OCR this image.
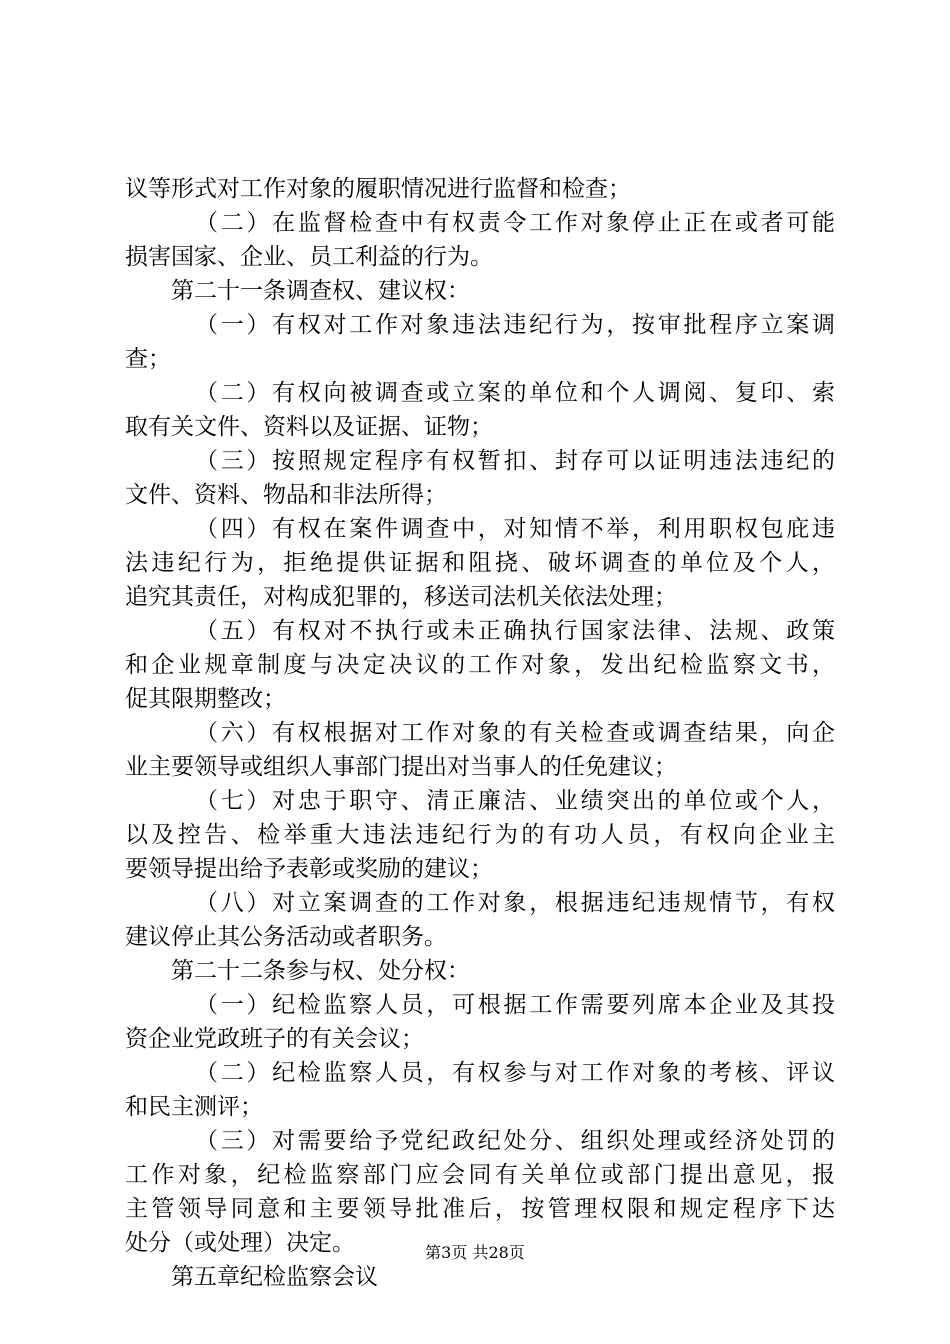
议等形式对工作对象的履职情况进行监督和检查；
（二）在监督检查中有权责令工作对象停止正在或者可能
损害国家、企业、员工利益的行为。
第二十一条调查权、建议权：
（一）有权对工作对象违法违纪行为，按审批程序立案调
查；
（二）有权向被调查或立案的单位和个人调阅、复印、索
取有关文件、资料以及证据、证物；
（三）按照规定程序有权暂扣、封存可以证明违法违纪的
文件、资料、物品和非法所得；
（四）有权在案件调查中，对知情不举，利用职权包庇违
法违纪行为，拒绝提供证据和阻挠、破坏调查的单位及个人，
追究其责任，对构成犯罪的，移送司法机关依法处理；
（五）有权对不执行或未正确执行国家法律、法规、政策
和企业规章制度与决定决议的工作对象，发出纪检监察文书，
促其限期整改；
（六）有权根据对工作对象的有关检查或调查结果，向企
业主要领导或组织人事部门提出对当事人的任免建议；
（七）对忠于职守、清正廉洁、业绩突出的单位或个人，
以及控告、检举重大违法违纪行为的有功人员，有权向企业主
要领导提出给予表彰或奖励的建议；
（八）对立案调查的工作对象，根据违纪违规情节，有权
建议停止其公务活动或者职务。
第二十二条参与权、处分权：
（一）纪检监察人员，可根据工作需要列席本企业及其投
资企业党政班子的有关会议；
（二）纪检监察人员，有权参与对工作对象的考核、评议
和民主测评；
（三）对需要给予党纪政纪处分、组织处理或经济处罚的
工作对象，纪检监察部门应会同有关单位或部门提出意见，报
主管领导同意和主要领导批准后，按管理权限和规定程序下达
处分（或处理）决定。
第五章纪检监察会议
第3页 共28页
